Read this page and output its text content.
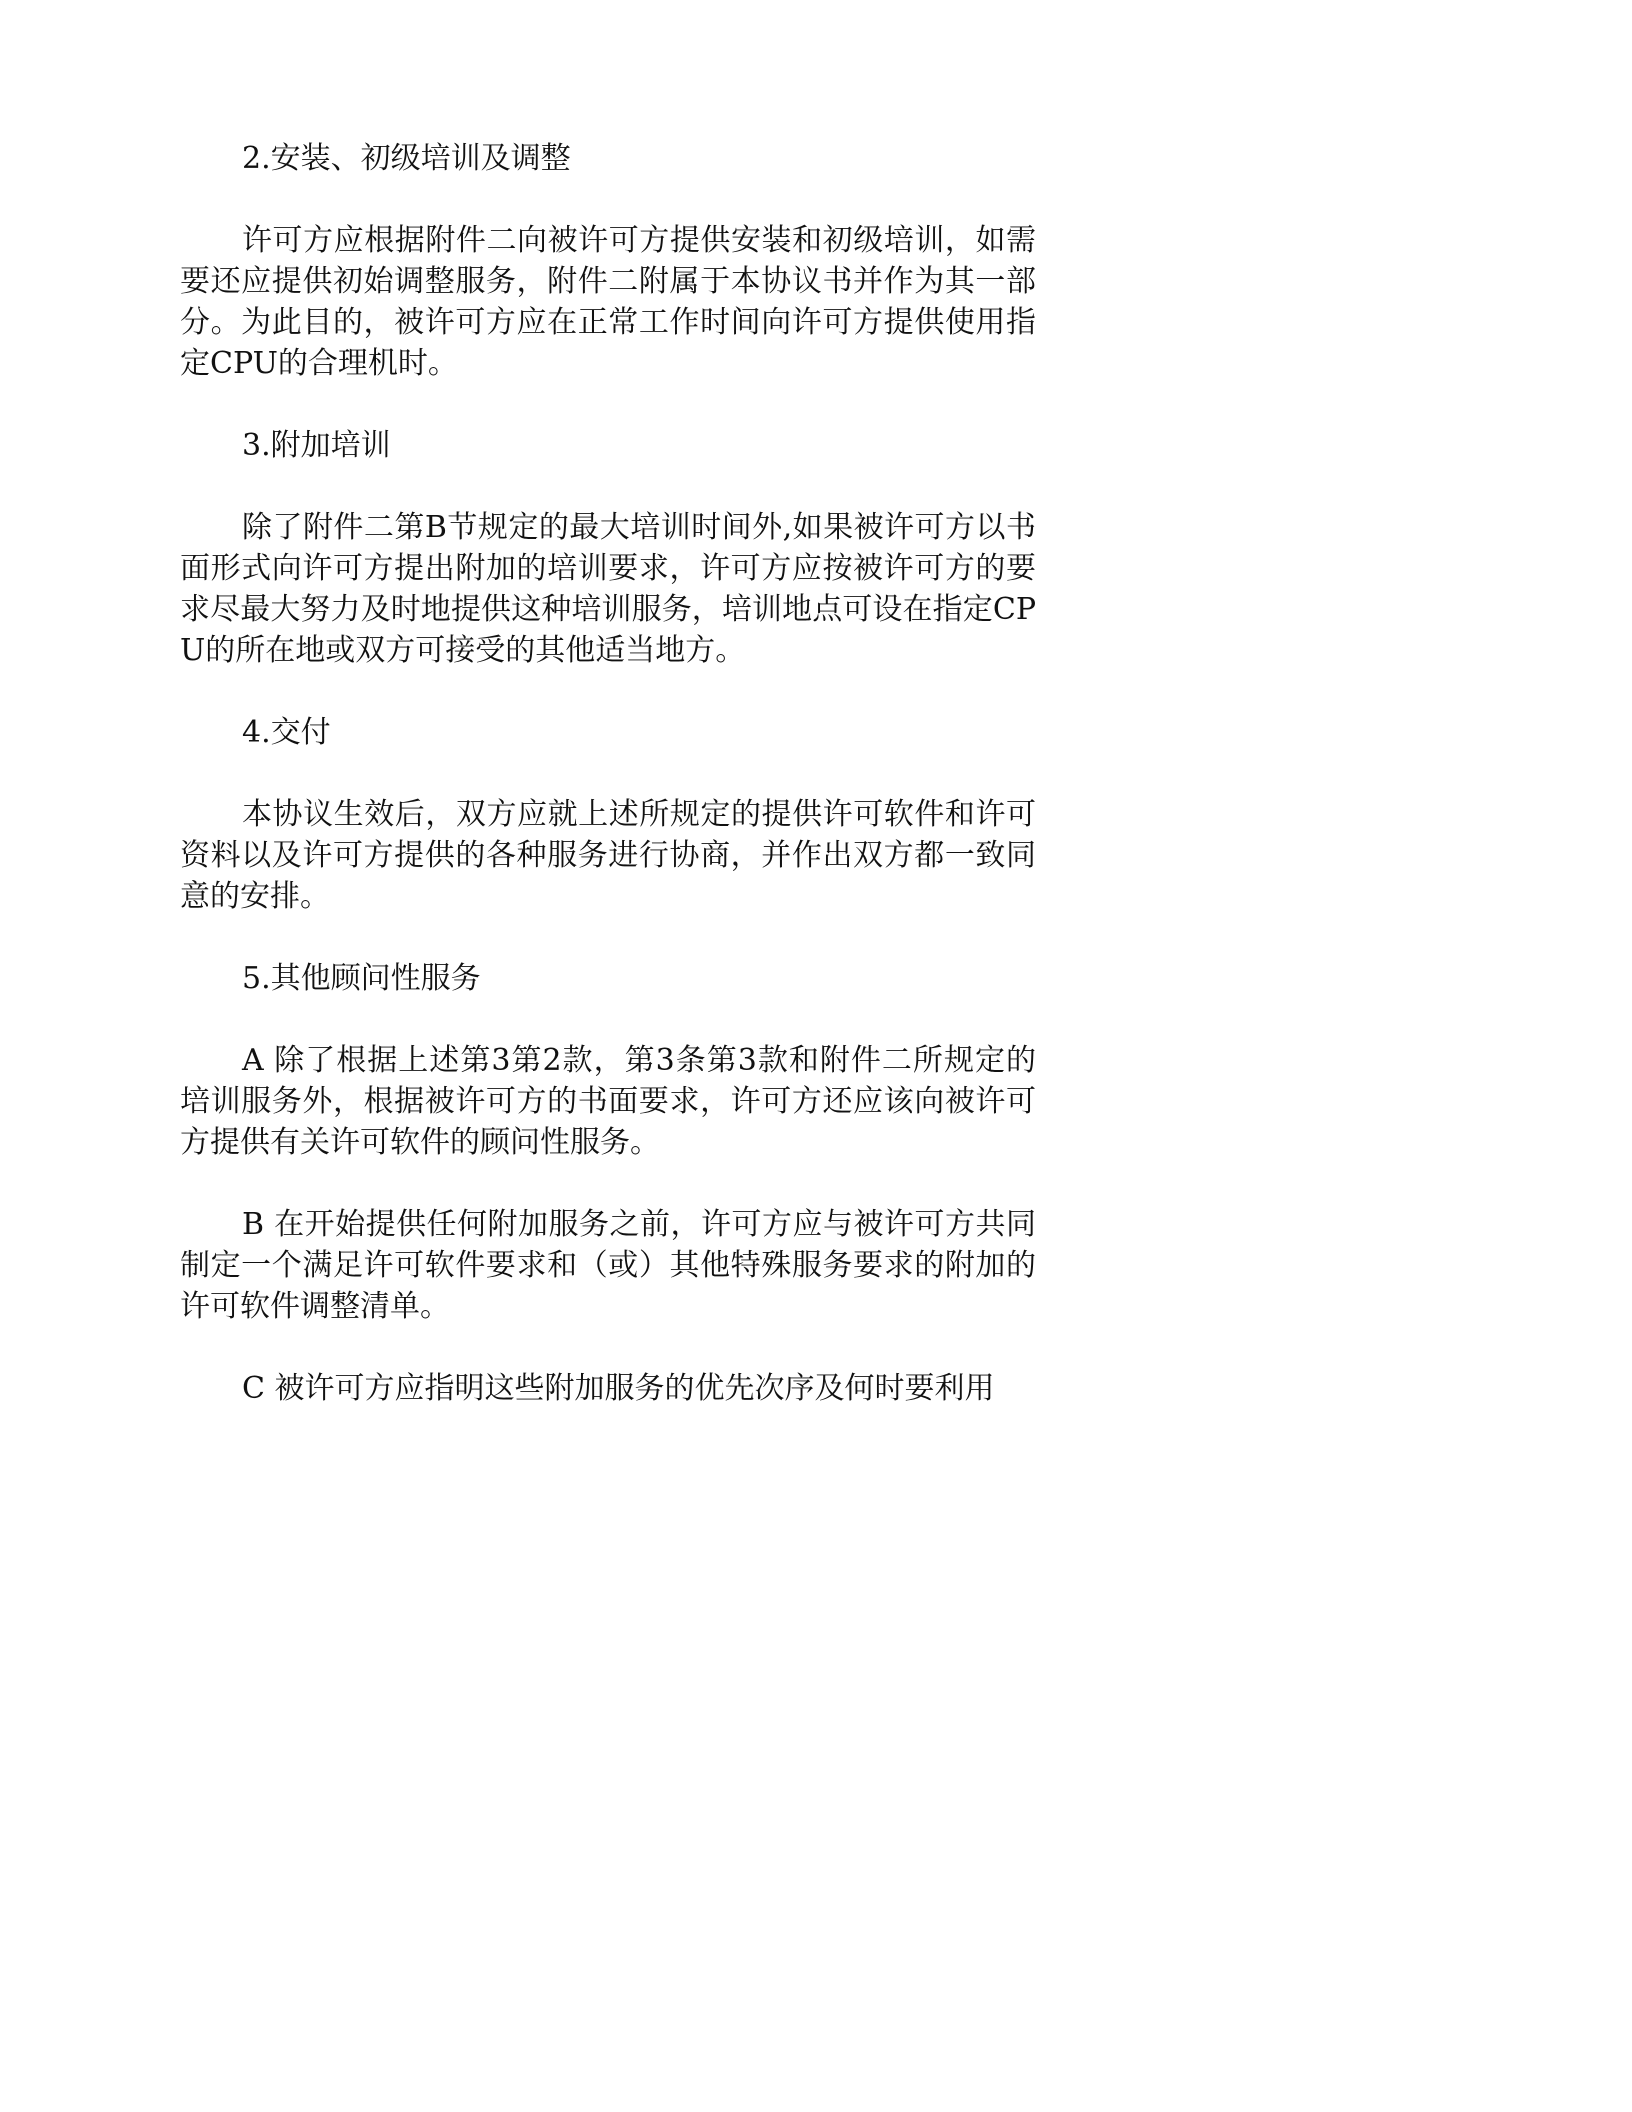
2.安装、初级培训及调整

许可方应根据附件二向被许可方提供安装和初级培训，如需要还应提供初始调整服务，附件二附属于本协议书并作为其一部分。为此目的，被许可方应在正常工作时间向许可方提供使用指定CPU的合理机时。

3.附加培训

除了附件二第B节规定的最大培训时间外,如果被许可方以书面形式向许可方提出附加的培训要求，许可方应按被许可方的要求尽最大努力及时地提供这种培训服务，培训地点可设在指定CPU的所在地或双方可接受的其他适当地方。

4.交付

本协议生效后，双方应就上述所规定的提供许可软件和许可资料以及许可方提供的各种服务进行协商，并作出双方都一致同意的安排。

5.其他顾问性服务

A 除了根据上述第3第2款，第3条第3款和附件二所规定的培训服务外，根据被许可方的书面要求，许可方还应该向被许可方提供有关许可软件的顾问性服务。

B 在开始提供任何附加服务之前，许可方应与被许可方共同制定一个满足许可软件要求和（或）其他特殊服务要求的附加的许可软件调整清单。

C 被许可方应指明这些附加服务的优先次序及何时要利用
